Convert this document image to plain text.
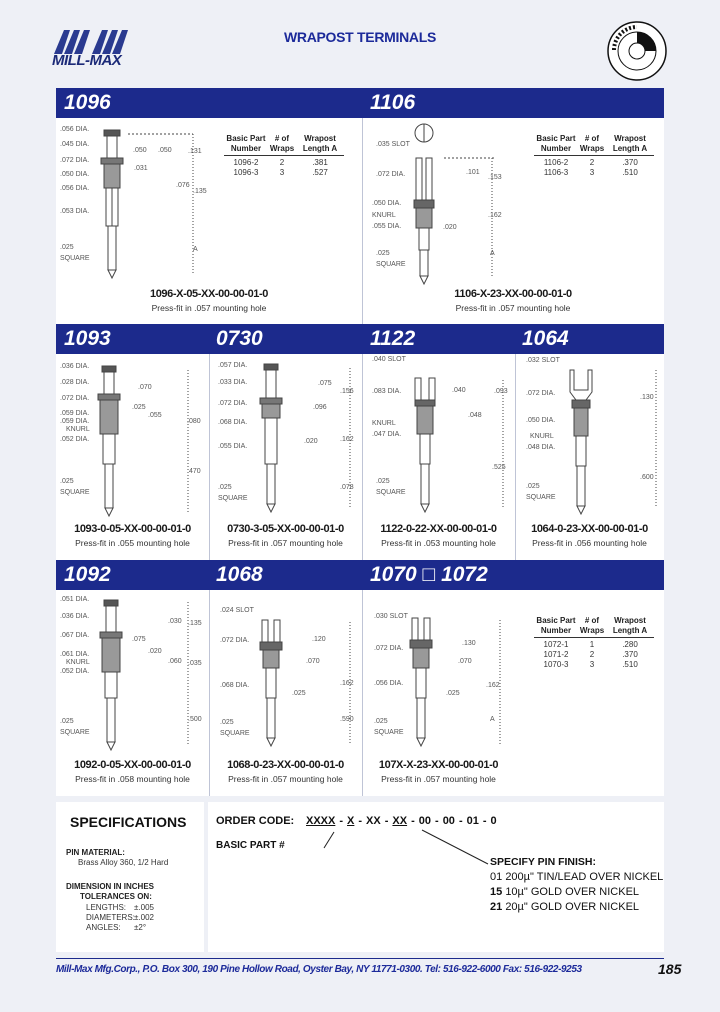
MILL-MAX
WRAPOST TERMINALS
1096	1106
.056 DIA.
.045 DIA.
.072 DIA.
.050 DIA.
.056 DIA.
.053 DIA.
.025
SQUARE
.050 .050
.031
.131
.076
.135
A
Basic Part Number
# of Wraps
Wrapost Length A
1096-2	2	.381
1096-3	3	.527
1096-X-05-XX-00-00-01-0
Press-fit in .057 mounting hole
.035 SLOT
.072 DIA.
.050 DIA.
KNURL
.055 DIA.
.025
SQUARE
.101
.153
.020
.162
A
Basic Part Number
# of Wraps
Wrapost Length A
1106-2	2	.370
1106-3	3	.510
1106-X-23-XX-00-00-01-0
Press-fit in .057 mounting hole
1093	0730	1122	1064
.036 DIA.
.028 DIA.
.072 DIA.
.059 DIA.
.059 DIA.
KNURL
.052 DIA.
.025
SQUARE
.070
.025
.055
.080
.470
1093-0-05-XX-00-00-01-0
Press-fit in .055 mounting hole
.057 DIA.
.033 DIA.
.072 DIA.
.068 DIA.
.055 DIA.
.025
SQUARE
.075
.156
.096
.020	.162
.078
0730-3-05-XX-00-00-01-0
Press-fit in .057 mounting hole
.040 SLOT
.083 DIA.	.040	.093
KNURL
.047 DIA.
.048
.025
SQUARE
.525
1122-0-22-XX-00-00-01-0
Press-fit in .053 mounting hole
.032 SLOT
.072 DIA.
.050 DIA.
KNURL
.048 DIA.
.130
.025
SQUARE
.600
1064-0-23-XX-00-00-01-0
Press-fit in .056 mounting hole
1092	1068	1070 □ 1072
.051 DIA.
.036 DIA.
.067 DIA.
.061 DIA.
KNURL
.052 DIA.
.025
SQUARE
.030 .135
.075
.020
.060 .035
.500
1092-0-05-XX-00-00-01-0
Press-fit in .058 mounting hole
.024 SLOT
.072 DIA.
.068 DIA.
.025
SQUARE
.120
.070
.025
.162
.590
1068-0-23-XX-00-00-01-0
Press-fit in .057 mounting hole
.030 SLOT
.072 DIA.
.056 DIA.
.025
SQUARE
.130
.070
.025
.162
A
Basic Part Number
# of Wraps
Wrapost Length A
1072-1	1	.280
1071-2	2	.370
1070-3	3	.510
107X-X-23-XX-00-00-01-0
Press-fit in .057 mounting hole
SPECIFICATIONS
PIN MATERIAL:
Brass Alloy 360, 1/2 Hard
DIMENSION IN INCHES
TOLERANCES ON:
LENGTHS: ±.005
DIAMETERS: ±.002
ANGLES: ±2°
ORDER CODE: XXXX - X - XX - XX - 00 - 00 - 01 - 0
BASIC PART #
SPECIFY PIN FINISH:
01 200µ" TIN/LEAD OVER NICKEL
15 10µ" GOLD OVER NICKEL
21 20µ" GOLD OVER NICKEL
Mill-Max Mfg.Corp., P.O. Box 300, 190 Pine Hollow Road, Oyster Bay, NY 11771-0300. Tel: 516-922-6000 Fax: 516-922-9253	185
